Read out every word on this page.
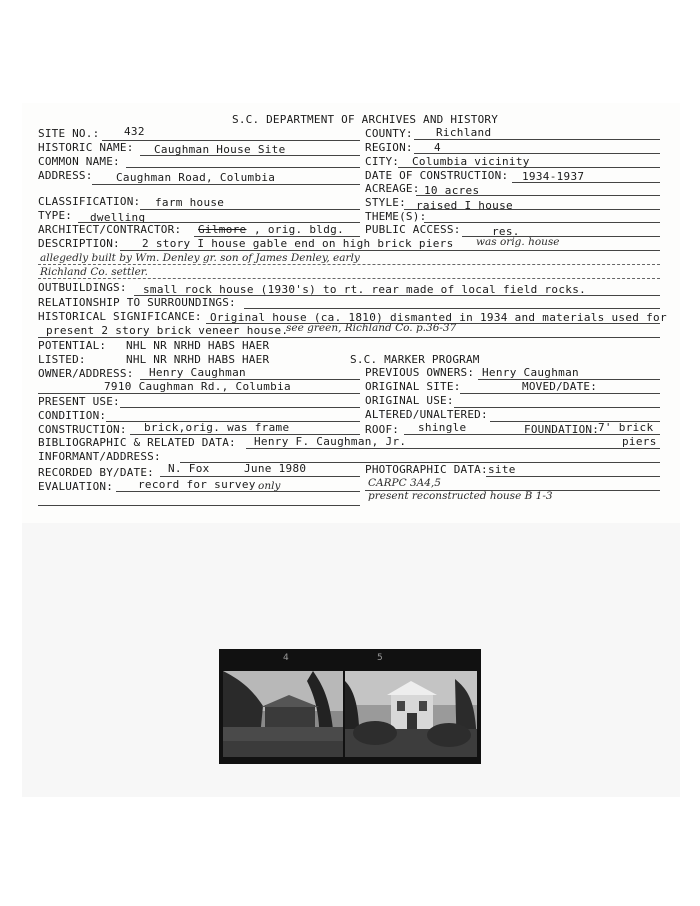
S.C. DEPARTMENT OF ARCHIVES AND HISTORY
SITE NO.: 432
HISTORIC NAME: Caughman House Site
COMMON NAME:
ADDRESS: Caughman Road, Columbia
CLASSIFICATION: farm house
TYPE: dwelling
ARCHITECT/CONTRACTOR: Gilmore , orig. bldg.
DESCRIPTION: 2 story I house gable end on high brick piers was orig. house
allegedly built by Wm. Denley gr. son of James Denley, early
Richland Co. settler.
OUTBUILDINGS: small rock house (1930's) to rt. rear made of local field rocks.
RELATIONSHIP TO SURROUNDINGS:
HISTORICAL SIGNIFICANCE: Original house (ca. 1810) dismanted in 1934 and materials used for
present 2 story brick veneer house.
see green, Richland Co. p.36-37
POTENTIAL: NHL NR NRHD HABS HAER
LISTED:	NHL NR NRHD HABS HAER	S.C. MARKER PROGRAM
OWNER/ADDRESS: Henry Caughman
7910 Caughman Rd., Columbia
PRESENT USE:
CONDITION:
CONSTRUCTION: brick,orig. was frame
BIBLIOGRAPHIC & RELATED DATA: Henry F. Caughman, Jr.
INFORMANT/ADDRESS:
RECORDED BY/DATE: N. Fox	June 1980
EVALUATION: record for survey only
COUNTY: Richland
REGION: 4
CITY: Columbia vicinity
DATE OF CONSTRUCTION: 1934-1937
ACREAGE: 10 acres
STYLE: raised I house
THEME(S):
PUBLIC ACCESS:	res.
PREVIOUS OWNERS: Henry Caughman
ORIGINAL SITE:	MOVED/DATE:
ORIGINAL USE:
ALTERED/UNALTERED:
ROOF: shingle	FOUNDATION:
7' brick
piers
PHOTOGRAPHIC DATA: site
CARPC 3A4,5
present reconstructed house B 1-3
4	5
